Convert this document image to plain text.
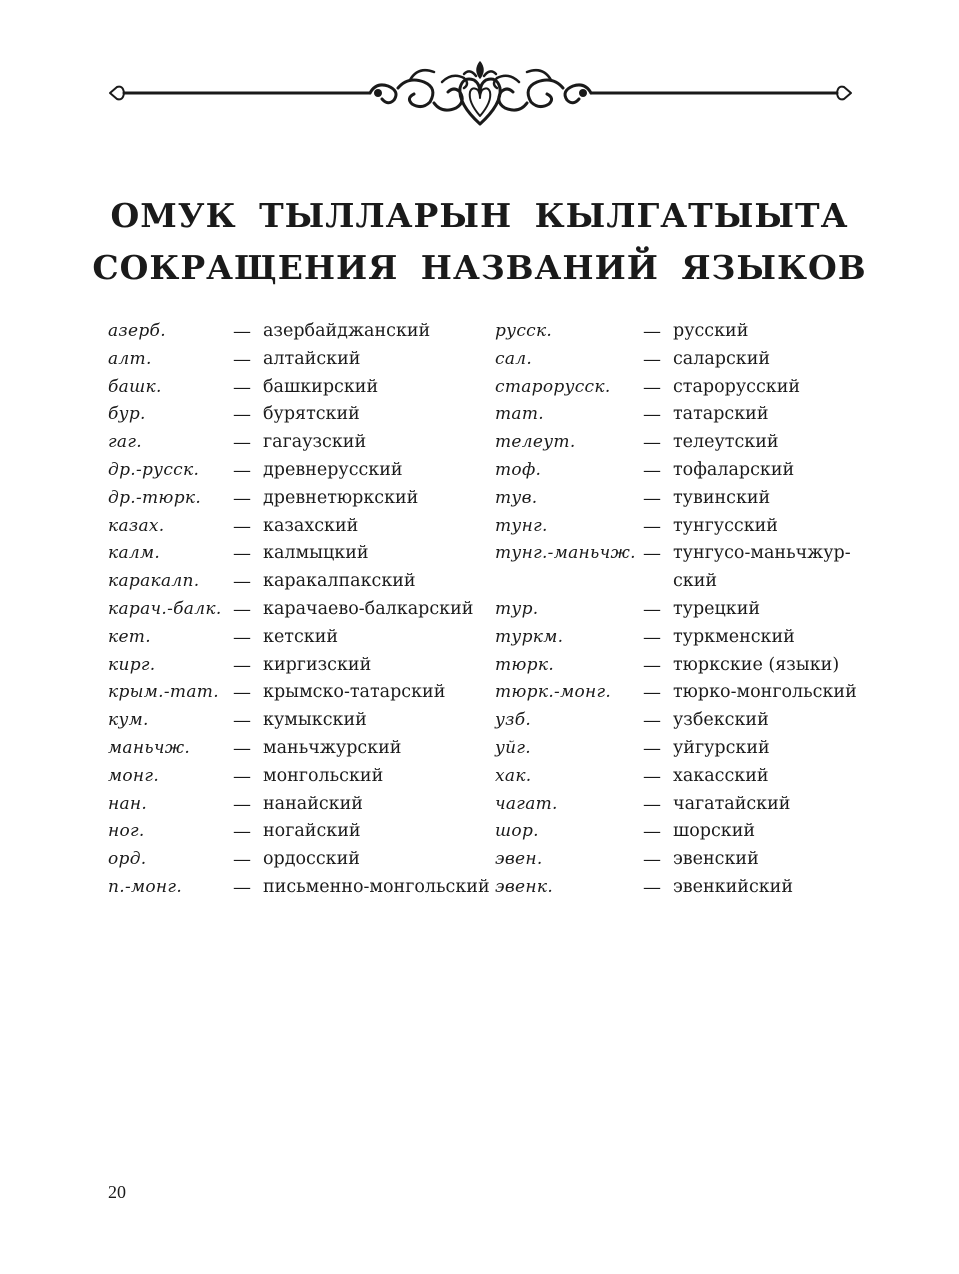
ОМУК ТЫЛЛАРЫН КЫЛГАТЫЫТА
СОКРАЩЕНИЯ НАЗВАНИЙ ЯЗЫКОВ
азерб.	— азербайджанский
алт.	— алтайский
башк.	— башкирский
бур.	— бурятский
гаг.	— гагаузский
др.-русск. — древнерусский
др.-тюрк. — древнетюркский
казах.	— казахский
калм.	— калмыцкий
каракалп. — каракалпакский
карач.-балк. — карачаево-балкарский
кет.	— кетский
кирг.	— киргизский
крым.-тат. — крымско-татарский
кум.	— кумыкский
маньчж. — маньчжурский
монг.	— монгольский
нан.	— нанайский
ног.	— ногайский
орд.	— ордосский
п.-монг.	— письменно-монгольский
русск.	— русский
сал.	— саларский
старорусск. — старорусский
тат.	— татарский
телеут.	— телеутский
тоф.	— тофаларский
тув.	— тувинский
тунг.	— тунгусский
тунг.-маньчж. — тунгусо-маньчжур-
ский
тур.	— турецкий
туркм.	— туркменский
тюрк.	— тюркские (языки)
тюрк.-монг. — тюрко-монгольский
узб.	— узбекский
уйг.	— уйгурский
хак.	— хакасский
чагат.	— чагатайский
шор.	— шорский
эвен.	— эвенский
эвенк.	— эвенкийский
20
